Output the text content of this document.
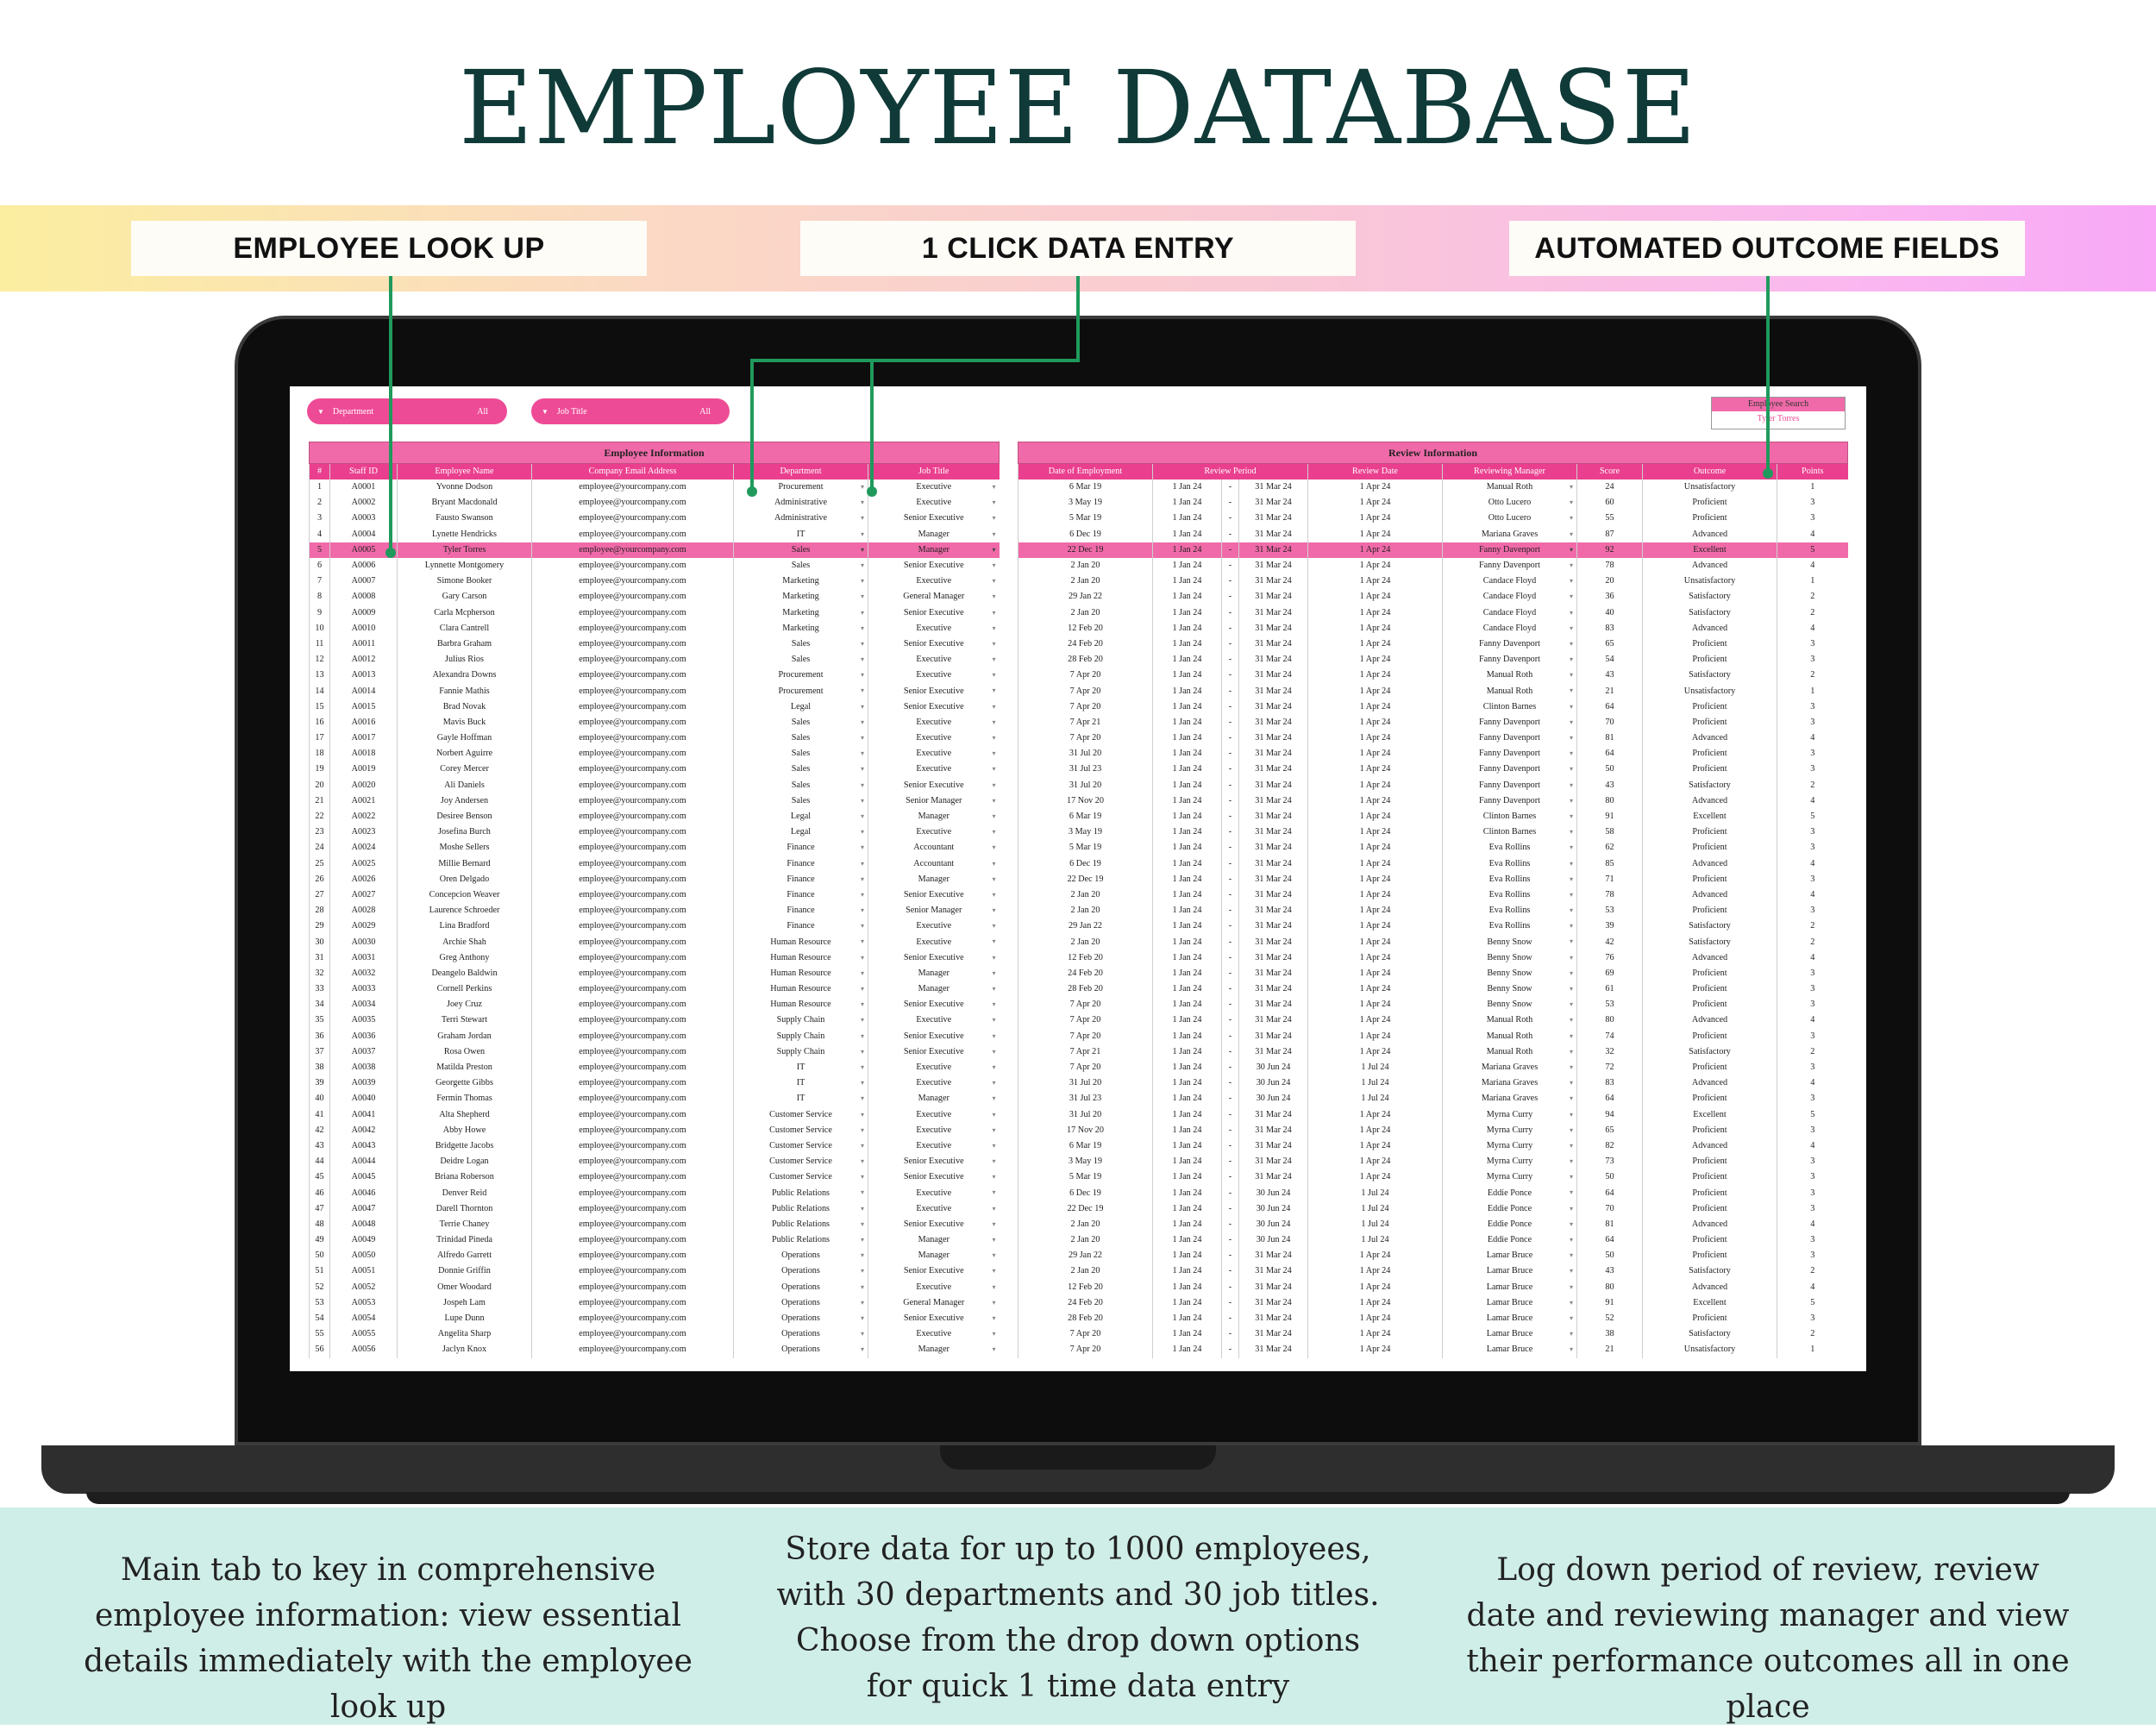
EMPLOYEE DATABASE
EMPLOYEE LOOK UP	1 CLICK DATA ENTRY	AUTOMATED OUTCOME FIELDS
▼ Department	All	▼ Job Title	All
Employee Search
Tyler Torres
Employee Information					
#	Staff ID	Employee Name	Company Email Address	Department	Job Title
1	A0001	Yvonne Dodson	employee@yourcompany.com	Procurement ▾	Executive ▾
2	A0002	Bryant Macdonald	employee@yourcompany.com	Administrative ▾	Executive ▾
3	A0003	Fausto Swanson	employee@yourcompany.com	Administrative ▾	Senior Executive ▾
4	A0004	Lynette Hendricks	employee@yourcompany.com	IT ▾	Manager ▾
5	A0005	Tyler Torres	employee@yourcompany.com	Sales ▾	Manager ▾
6	A0006	Lynnette Montgomery	employee@yourcompany.com	Sales ▾	Senior Executive ▾
7	A0007	Simone Booker	employee@yourcompany.com	Marketing ▾	Executive ▾
8	A0008	Gary Carson	employee@yourcompany.com	Marketing ▾	General Manager ▾
9	A0009	Carla Mcpherson	employee@yourcompany.com	Marketing ▾	Senior Executive ▾
10	A0010	Clara Cantrell	employee@yourcompany.com	Marketing ▾	Executive ▾
11	A0011	Barbra Graham	employee@yourcompany.com	Sales ▾	Senior Executive ▾
12	A0012	Julius Rios	employee@yourcompany.com	Sales ▾	Executive ▾
13	A0013	Alexandra Downs	employee@yourcompany.com	Procurement ▾	Executive ▾
14	A0014	Fannie Mathis	employee@yourcompany.com	Procurement ▾	Senior Executive ▾
15	A0015	Brad Novak	employee@yourcompany.com	Legal ▾	Senior Executive ▾
16	A0016	Mavis Buck	employee@yourcompany.com	Sales ▾	Executive ▾
17	A0017	Gayle Hoffman	employee@yourcompany.com	Sales ▾	Executive ▾
18	A0018	Norbert Aguirre	employee@yourcompany.com	Sales ▾	Executive ▾
19	A0019	Corey Mercer	employee@yourcompany.com	Sales ▾	Executive ▾
20	A0020	Ali Daniels	employee@yourcompany.com	Sales ▾	Senior Executive ▾
21	A0021	Joy Andersen	employee@yourcompany.com	Sales ▾	Senior Manager ▾
22	A0022	Desiree Benson	employee@yourcompany.com	Legal ▾	Manager ▾
23	A0023	Josefina Burch	employee@yourcompany.com	Legal ▾	Executive ▾
24	A0024	Moshe Sellers	employee@yourcompany.com	Finance ▾	Accountant ▾
25	A0025	Millie Bernard	employee@yourcompany.com	Finance ▾	Accountant ▾
26	A0026	Oren Delgado	employee@yourcompany.com	Finance ▾	Manager ▾
27	A0027	Concepcion Weaver	employee@yourcompany.com	Finance ▾	Senior Executive ▾
28	A0028	Laurence Schroeder	employee@yourcompany.com	Finance ▾	Senior Manager ▾
29	A0029	Lina Bradford	employee@yourcompany.com	Finance ▾	Executive ▾
30	A0030	Archie Shah	employee@yourcompany.com	Human Resource ▾	Executive ▾
31	A0031	Greg Anthony	employee@yourcompany.com	Human Resource ▾	Senior Executive ▾
32	A0032	Deangelo Baldwin	employee@yourcompany.com	Human Resource ▾	Manager ▾
33	A0033	Cornell Perkins	employee@yourcompany.com	Human Resource ▾	Manager ▾
34	A0034	Joey Cruz	employee@yourcompany.com	Human Resource ▾	Senior Executive ▾
35	A0035	Terri Stewart	employee@yourcompany.com	Supply Chain ▾	Executive ▾
36	A0036	Graham Jordan	employee@yourcompany.com	Supply Chain ▾	Senior Executive ▾
37	A0037	Rosa Owen	employee@yourcompany.com	Supply Chain ▾	Senior Executive ▾
38	A0038	Matilda Preston	employee@yourcompany.com	IT ▾	Executive ▾
39	A0039	Georgette Gibbs	employee@yourcompany.com	IT ▾	Executive ▾
40	A0040	Fermin Thomas	employee@yourcompany.com	IT ▾	Manager ▾
41	A0041	Alta Shepherd	employee@yourcompany.com	Customer Service ▾	Executive ▾
42	A0042	Abby Howe	employee@yourcompany.com	Customer Service ▾	Executive ▾
43	A0043	Bridgette Jacobs	employee@yourcompany.com	Customer Service ▾	Executive ▾
44	A0044	Deidre Logan	employee@yourcompany.com	Customer Service ▾	Senior Executive ▾
45	A0045	Briana Roberson	employee@yourcompany.com	Customer Service ▾	Senior Executive ▾
46	A0046	Denver Reid	employee@yourcompany.com	Public Relations ▾	Executive ▾
47	A0047	Darell Thornton	employee@yourcompany.com	Public Relations ▾	Executive ▾
48	A0048	Terrie Chaney	employee@yourcompany.com	Public Relations ▾	Senior Executive ▾
49	A0049	Trinidad Pineda	employee@yourcompany.com	Public Relations ▾	Manager ▾
50	A0050	Alfredo Garrett	employee@yourcompany.com	Operations ▾	Manager ▾
51	A0051	Donnie Griffin	employee@yourcompany.com	Operations ▾	Senior Executive ▾
52	A0052	Omer Woodard	employee@yourcompany.com	Operations ▾	Executive ▾
53	A0053	Jospeh Lam	employee@yourcompany.com	Operations ▾	General Manager ▾
54	A0054	Lupe Dunn	employee@yourcompany.com	Operations ▾	Senior Executive ▾
55	A0055	Angelita Sharp	employee@yourcompany.com	Operations ▾	Executive ▾
56	A0056	Jaclyn Knox	employee@yourcompany.com	Operations ▾	Manager ▾
Review Information								
Date of Employment	Review Period			Review Date	Reviewing Manager	Score	Outcome	Points
6 Mar 19	1 Jan 24	-	31 Mar 24	1 Apr 24	Manual Roth ▾	24	Unsatisfactory	1
3 May 19	1 Jan 24	-	31 Mar 24	1 Apr 24	Otto Lucero ▾	60	Proficient	3
5 Mar 19	1 Jan 24	-	31 Mar 24	1 Apr 24	Otto Lucero ▾	55	Proficient	3
6 Dec 19	1 Jan 24	-	31 Mar 24	1 Apr 24	Mariana Graves ▾	87	Advanced	4
22 Dec 19	1 Jan 24	-	31 Mar 24	1 Apr 24	Fanny Davenport ▾	92	Excellent	5
2 Jan 20	1 Jan 24	-	31 Mar 24	1 Apr 24	Fanny Davenport ▾	78	Advanced	4
2 Jan 20	1 Jan 24	-	31 Mar 24	1 Apr 24	Candace Floyd ▾	20	Unsatisfactory	1
29 Jan 22	1 Jan 24	-	31 Mar 24	1 Apr 24	Candace Floyd ▾	36	Satisfactory	2
2 Jan 20	1 Jan 24	-	31 Mar 24	1 Apr 24	Candace Floyd ▾	40	Satisfactory	2
12 Feb 20	1 Jan 24	-	31 Mar 24	1 Apr 24	Candace Floyd ▾	83	Advanced	4
24 Feb 20	1 Jan 24	-	31 Mar 24	1 Apr 24	Fanny Davenport ▾	65	Proficient	3
28 Feb 20	1 Jan 24	-	31 Mar 24	1 Apr 24	Fanny Davenport ▾	54	Proficient	3
7 Apr 20	1 Jan 24	-	31 Mar 24	1 Apr 24	Manual Roth ▾	43	Satisfactory	2
7 Apr 20	1 Jan 24	-	31 Mar 24	1 Apr 24	Manual Roth ▾	21	Unsatisfactory	1
7 Apr 20	1 Jan 24	-	31 Mar 24	1 Apr 24	Clinton Barnes ▾	64	Proficient	3
7 Apr 21	1 Jan 24	-	31 Mar 24	1 Apr 24	Fanny Davenport ▾	70	Proficient	3
7 Apr 20	1 Jan 24	-	31 Mar 24	1 Apr 24	Fanny Davenport ▾	81	Advanced	4
31 Jul 20	1 Jan 24	-	31 Mar 24	1 Apr 24	Fanny Davenport ▾	64	Proficient	3
31 Jul 23	1 Jan 24	-	31 Mar 24	1 Apr 24	Fanny Davenport ▾	50	Proficient	3
31 Jul 20	1 Jan 24	-	31 Mar 24	1 Apr 24	Fanny Davenport ▾	43	Satisfactory	2
17 Nov 20	1 Jan 24	-	31 Mar 24	1 Apr 24	Fanny Davenport ▾	80	Advanced	4
6 Mar 19	1 Jan 24	-	31 Mar 24	1 Apr 24	Clinton Barnes ▾	91	Excellent	5
3 May 19	1 Jan 24	-	31 Mar 24	1 Apr 24	Clinton Barnes ▾	58	Proficient	3
5 Mar 19	1 Jan 24	-	31 Mar 24	1 Apr 24	Eva Rollins ▾	62	Proficient	3
6 Dec 19	1 Jan 24	-	31 Mar 24	1 Apr 24	Eva Rollins ▾	85	Advanced	4
22 Dec 19	1 Jan 24	-	31 Mar 24	1 Apr 24	Eva Rollins ▾	71	Proficient	3
2 Jan 20	1 Jan 24	-	31 Mar 24	1 Apr 24	Eva Rollins ▾	78	Advanced	4
2 Jan 20	1 Jan 24	-	31 Mar 24	1 Apr 24	Eva Rollins ▾	53	Proficient	3
29 Jan 22	1 Jan 24	-	31 Mar 24	1 Apr 24	Eva Rollins ▾	39	Satisfactory	2
2 Jan 20	1 Jan 24	-	31 Mar 24	1 Apr 24	Benny Snow ▾	42	Satisfactory	2
12 Feb 20	1 Jan 24	-	31 Mar 24	1 Apr 24	Benny Snow ▾	76	Advanced	4
24 Feb 20	1 Jan 24	-	31 Mar 24	1 Apr 24	Benny Snow ▾	69	Proficient	3
28 Feb 20	1 Jan 24	-	31 Mar 24	1 Apr 24	Benny Snow ▾	61	Proficient	3
7 Apr 20	1 Jan 24	-	31 Mar 24	1 Apr 24	Benny Snow ▾	53	Proficient	3
7 Apr 20	1 Jan 24	-	31 Mar 24	1 Apr 24	Manual Roth ▾	80	Advanced	4
7 Apr 20	1 Jan 24	-	31 Mar 24	1 Apr 24	Manual Roth ▾	74	Proficient	3
7 Apr 21	1 Jan 24	-	31 Mar 24	1 Apr 24	Manual Roth ▾	32	Satisfactory	2
7 Apr 20	1 Jan 24	-	30 Jun 24	1 Jul 24	Mariana Graves ▾	72	Proficient	3
31 Jul 20	1 Jan 24	-	30 Jun 24	1 Jul 24	Mariana Graves ▾	83	Advanced	4
31 Jul 23	1 Jan 24	-	30 Jun 24	1 Jul 24	Mariana Graves ▾	64	Proficient	3
31 Jul 20	1 Jan 24	-	31 Mar 24	1 Apr 24	Myrna Curry ▾	94	Excellent	5
17 Nov 20	1 Jan 24	-	31 Mar 24	1 Apr 24	Myrna Curry ▾	65	Proficient	3
6 Mar 19	1 Jan 24	-	31 Mar 24	1 Apr 24	Myrna Curry ▾	82	Advanced	4
3 May 19	1 Jan 24	-	31 Mar 24	1 Apr 24	Myrna Curry ▾	73	Proficient	3
5 Mar 19	1 Jan 24	-	31 Mar 24	1 Apr 24	Myrna Curry ▾	50	Proficient	3
6 Dec 19	1 Jan 24	-	30 Jun 24	1 Jul 24	Eddie Ponce ▾	64	Proficient	3
22 Dec 19	1 Jan 24	-	30 Jun 24	1 Jul 24	Eddie Ponce ▾	70	Proficient	3
2 Jan 20	1 Jan 24	-	30 Jun 24	1 Jul 24	Eddie Ponce ▾	81	Advanced	4
2 Jan 20	1 Jan 24	-	30 Jun 24	1 Jul 24	Eddie Ponce ▾	64	Proficient	3
29 Jan 22	1 Jan 24	-	31 Mar 24	1 Apr 24	Lamar Bruce ▾	50	Proficient	3
2 Jan 20	1 Jan 24	-	31 Mar 24	1 Apr 24	Lamar Bruce ▾	43	Satisfactory	2
12 Feb 20	1 Jan 24	-	31 Mar 24	1 Apr 24	Lamar Bruce ▾	80	Advanced	4
24 Feb 20	1 Jan 24	-	31 Mar 24	1 Apr 24	Lamar Bruce ▾	91	Excellent	5
28 Feb 20	1 Jan 24	-	31 Mar 24	1 Apr 24	Lamar Bruce ▾	52	Proficient	3
7 Apr 20	1 Jan 24	-	31 Mar 24	1 Apr 24	Lamar Bruce ▾	38	Satisfactory	2
7 Apr 20	1 Jan 24	-	31 Mar 24	1 Apr 24	Lamar Bruce ▾	21	Unsatisfactory	1
Main tab to key in comprehensive employee information: view essential details immediately with the employee look up
Store data for up to 1000 employees, with 30 departments and 30 job titles. Choose from the drop down options for quick 1 time data entry
Log down period of review, review date and reviewing manager and view their performance outcomes all in one place
